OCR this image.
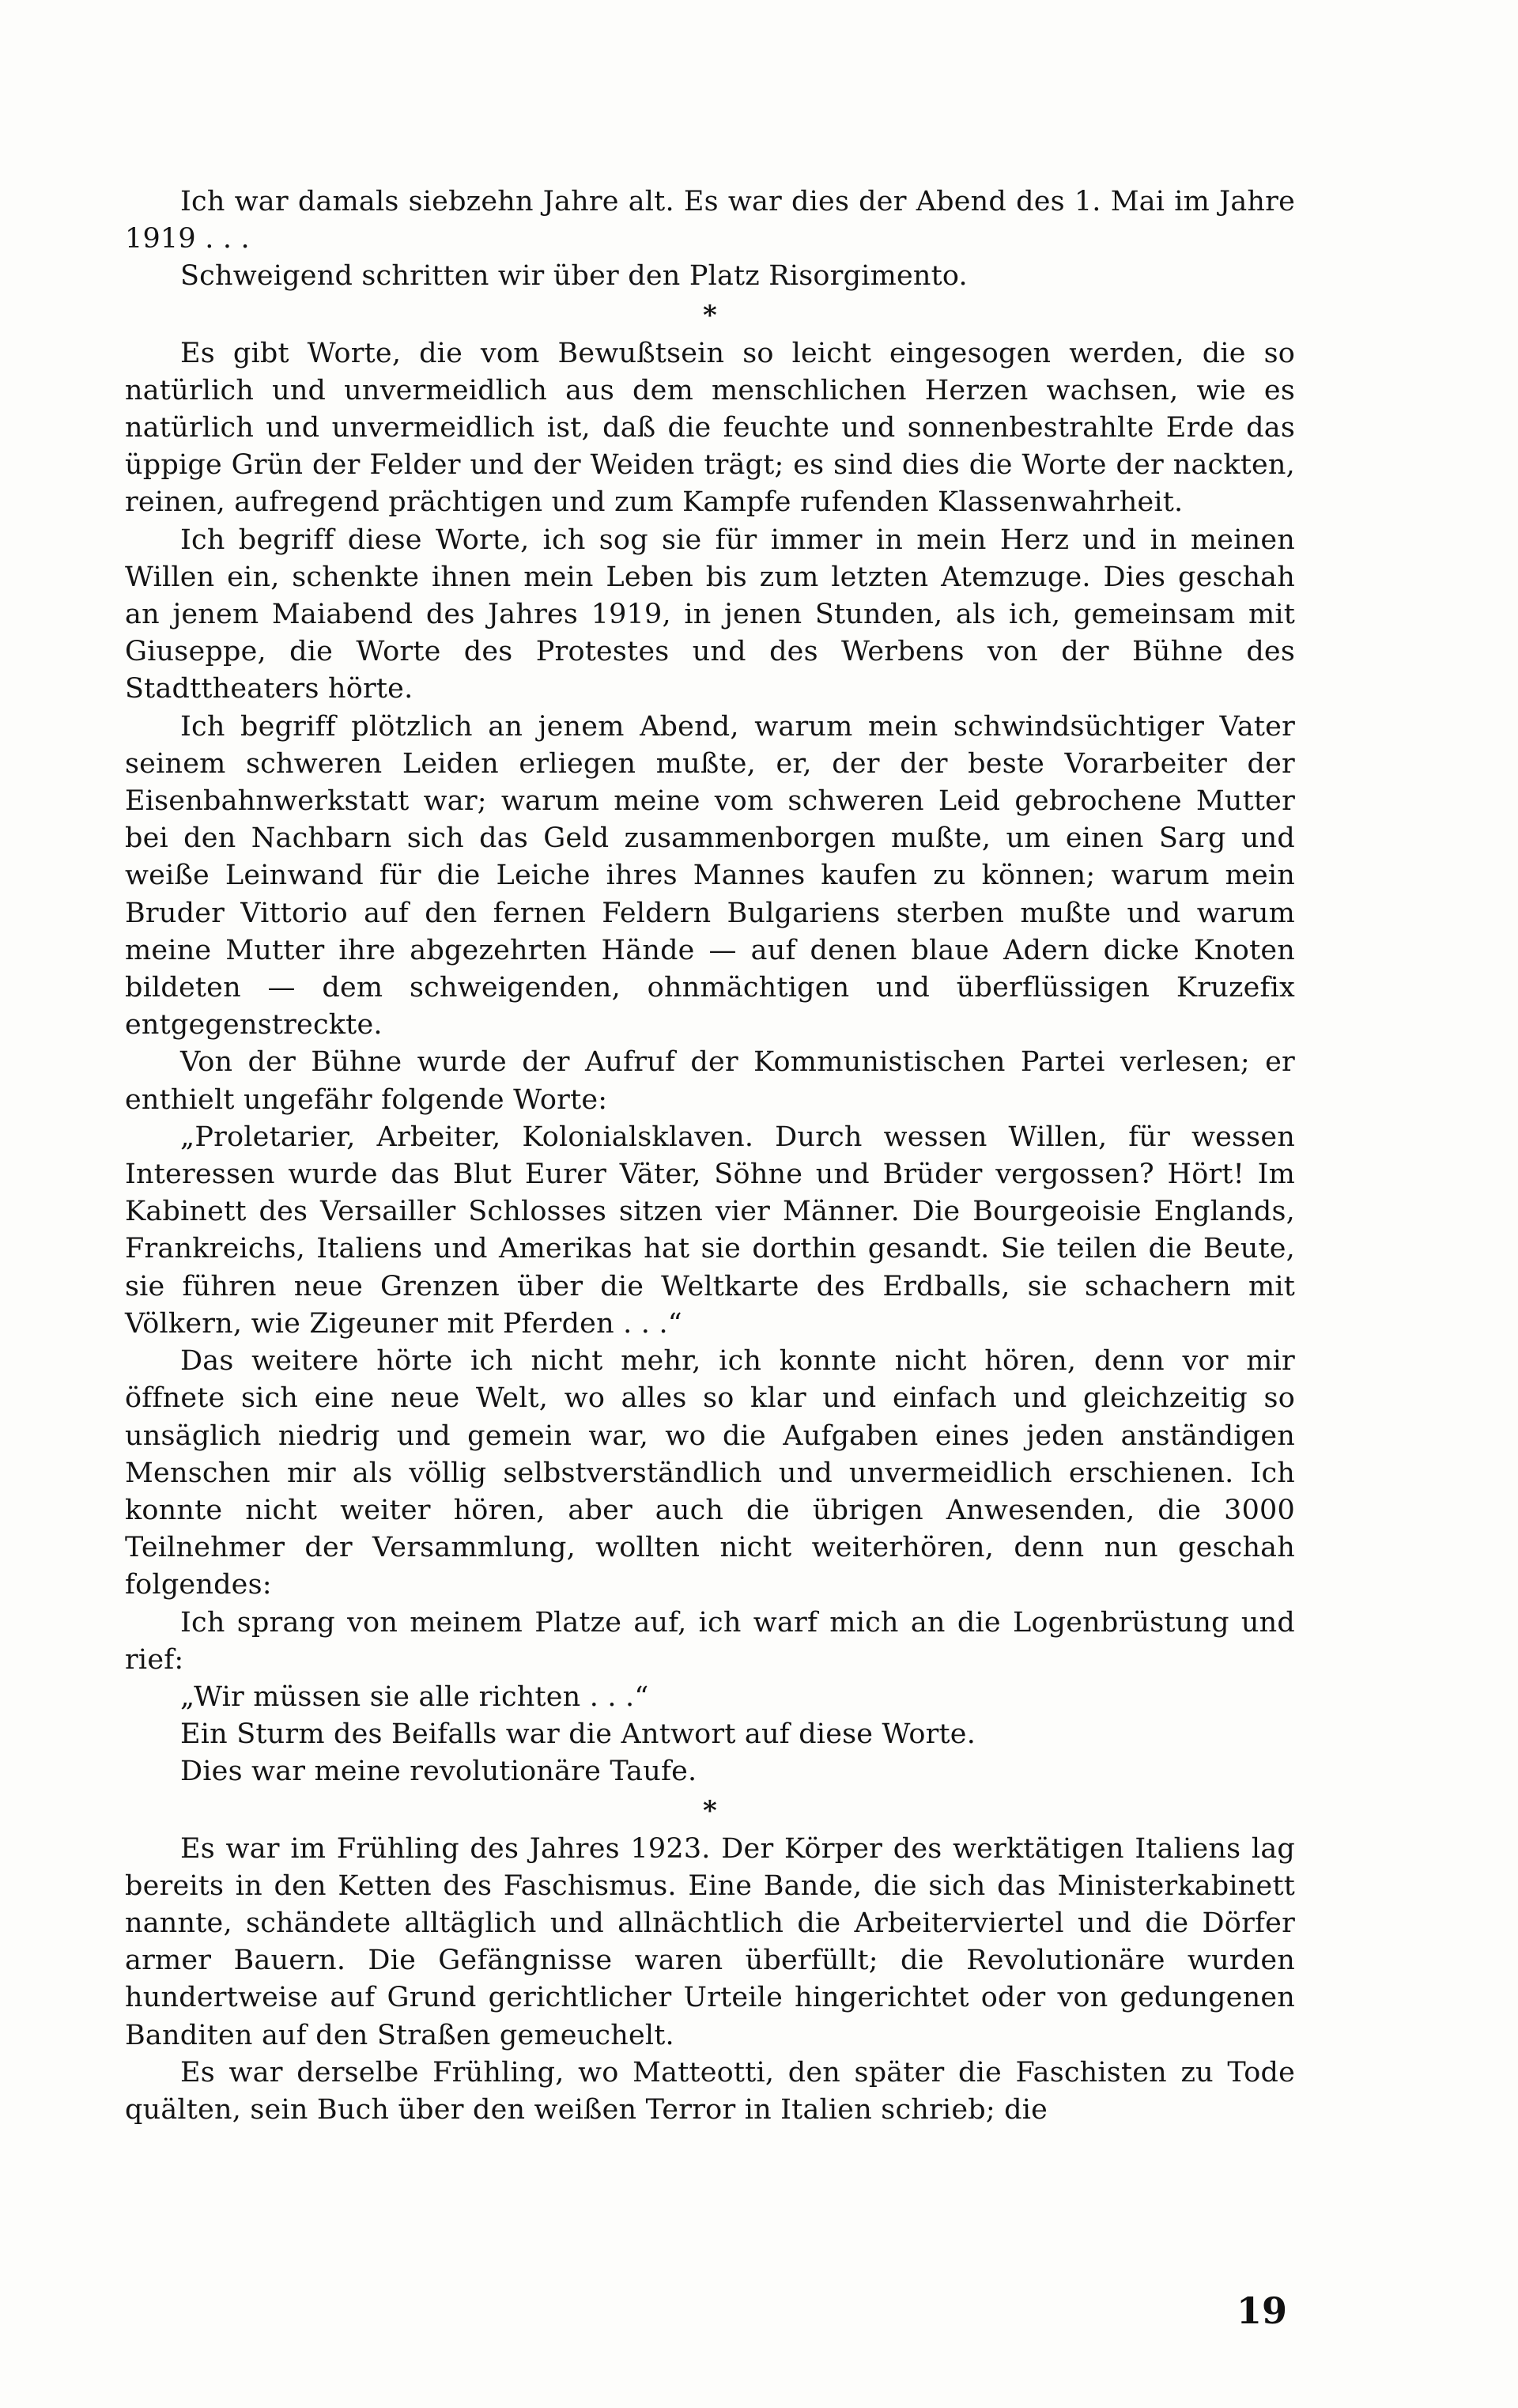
Ich war damals siebzehn Jahre alt. Es war dies der Abend des 1. Mai im Jahre 1919 . . .

Schweigend schritten wir über den Platz Risorgimento.

*

Es gibt Worte, die vom Bewußtsein so leicht eingesogen werden, die so natürlich und unvermeidlich aus dem menschlichen Herzen wachsen, wie es natürlich und unvermeidlich ist, daß die feuchte und sonnenbestrahlte Erde das üppige Grün der Felder und der Weiden trägt; es sind dies die Worte der nackten, reinen, aufregend prächtigen und zum Kampfe rufenden Klassenwahrheit.

Ich begriff diese Worte, ich sog sie für immer in mein Herz und in meinen Willen ein, schenkte ihnen mein Leben bis zum letzten Atemzuge. Dies geschah an jenem Maiabend des Jahres 1919, in jenen Stunden, als ich, gemeinsam mit Giuseppe, die Worte des Protestes und des Werbens von der Bühne des Stadttheaters hörte.

Ich begriff plötzlich an jenem Abend, warum mein schwindsüchtiger Vater seinem schweren Leiden erliegen mußte, er, der der beste Vorarbeiter der Eisenbahnwerkstatt war; warum meine vom schweren Leid gebrochene Mutter bei den Nachbarn sich das Geld zusammenborgen mußte, um einen Sarg und weiße Leinwand für die Leiche ihres Mannes kaufen zu können; warum mein Bruder Vittorio auf den fernen Feldern Bulgariens sterben mußte und warum meine Mutter ihre abgezehrten Hände — auf denen blaue Adern dicke Knoten bildeten — dem schweigenden, ohnmächtigen und überflüssigen Kruzefix entgegenstreckte.

Von der Bühne wurde der Aufruf der Kommunistischen Partei verlesen; er enthielt ungefähr folgende Worte:

„Proletarier, Arbeiter, Kolonialsklaven. Durch wessen Willen, für wessen Interessen wurde das Blut Eurer Väter, Söhne und Brüder vergossen? Hört! Im Kabinett des Versailler Schlosses sitzen vier Männer. Die Bourgeoisie Englands, Frankreichs, Italiens und Amerikas hat sie dorthin gesandt. Sie teilen die Beute, sie führen neue Grenzen über die Weltkarte des Erdballs, sie schachern mit Völkern, wie Zigeuner mit Pferden . . .“

Das weitere hörte ich nicht mehr, ich konnte nicht hören, denn vor mir öffnete sich eine neue Welt, wo alles so klar und einfach und gleichzeitig so unsäglich niedrig und gemein war, wo die Aufgaben eines jeden anständigen Menschen mir als völlig selbstverständlich und unvermeidlich erschienen. Ich konnte nicht weiter hören, aber auch die übrigen Anwesenden, die 3000 Teilnehmer der Versammlung, wollten nicht weiterhören, denn nun geschah folgendes:

Ich sprang von meinem Platze auf, ich warf mich an die Logenbrüstung und rief:

„Wir müssen sie alle richten . . .“

Ein Sturm des Beifalls war die Antwort auf diese Worte.

Dies war meine revolutionäre Taufe.

*

Es war im Frühling des Jahres 1923. Der Körper des werktätigen Italiens lag bereits in den Ketten des Faschismus. Eine Bande, die sich das Ministerkabinett nannte, schändete alltäglich und allnächtlich die Arbeiterviertel und die Dörfer armer Bauern. Die Gefängnisse waren überfüllt; die Revolutionäre wurden hundertweise auf Grund gerichtlicher Urteile hingerichtet oder von gedungenen Banditen auf den Straßen gemeuchelt.

Es war derselbe Frühling, wo Matteotti, den später die Faschisten zu Tode quälten, sein Buch über den weißen Terror in Italien schrieb; die

19
